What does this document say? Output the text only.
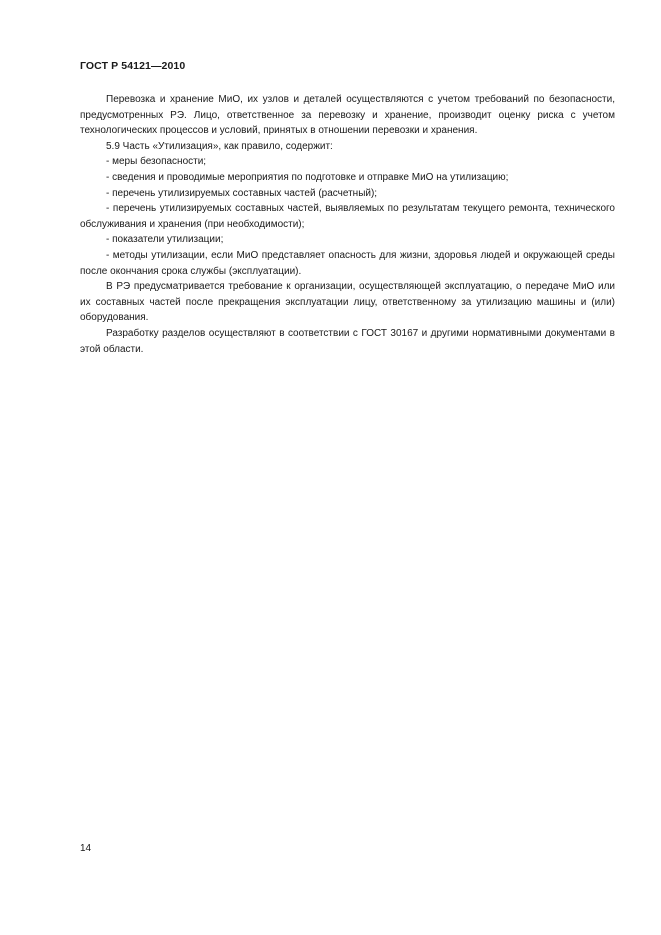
ГОСТ Р 54121—2010

Перевозка и хранение МиО, их узлов и деталей осуществляются с учетом требований по безопасности, предусмотренных РЭ. Лицо, ответственное за перевозку и хранение, производит оценку риска с учетом технологических процессов и условий, принятых в отношении перевозки и хранения.

5.9 Часть «Утилизация», как правило, содержит:

- меры безопасности;

- сведения и проводимые мероприятия по подготовке и отправке МиО на утилизацию;

- перечень утилизируемых составных частей (расчетный);

- перечень утилизируемых составных частей, выявляемых по результатам текущего ремонта, технического обслуживания и хранения (при необходимости);

- показатели утилизации;

- методы утилизации, если МиО представляет опасность для жизни, здоровья людей и окружающей среды после окончания срока службы (эксплуатации).

В РЭ предусматривается требование к организации, осуществляющей эксплуатацию, о передаче МиО или их составных частей после прекращения эксплуатации лицу, ответственному за утилизацию машины и (или) оборудования.

Разработку разделов осуществляют в соответствии с ГОСТ 30167 и другими нормативными документами в этой области.

14
